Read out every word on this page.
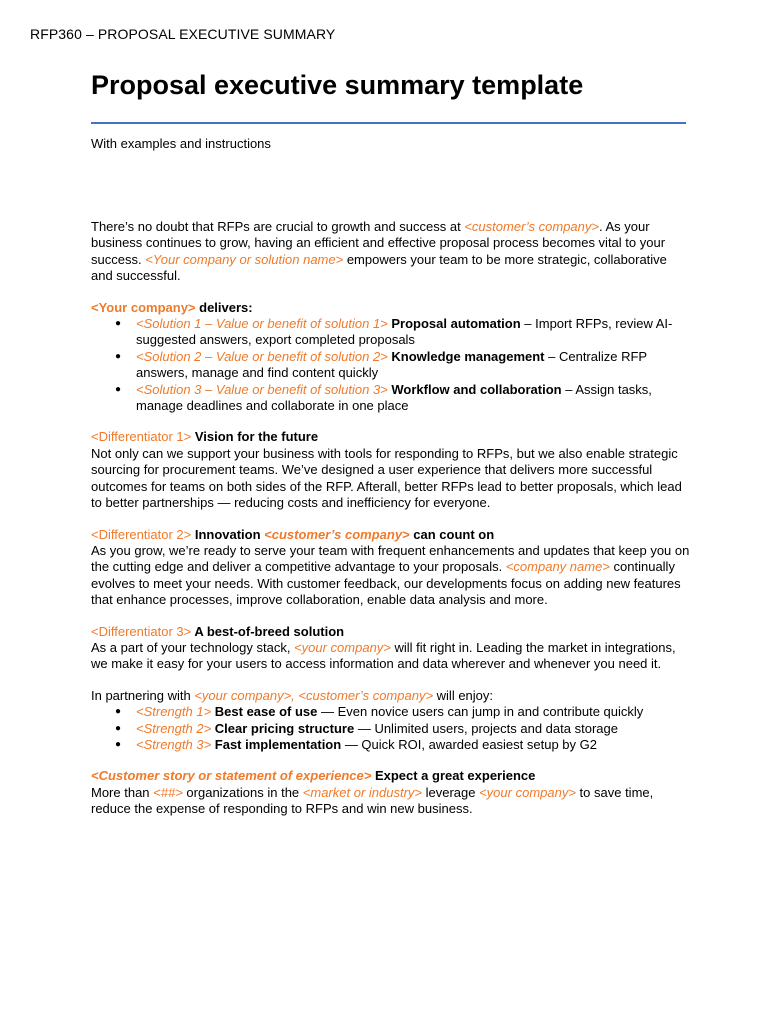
RFP360 – PROPOSAL EXECUTIVE SUMMARY
Proposal executive summary template
With examples and instructions

There’s no doubt that RFPs are crucial to growth and success at <customer’s company>. As your business continues to grow, having an efficient and effective proposal process becomes vital to your success. <Your company or solution name> empowers your team to be more strategic, collaborative and successful.

<Your company> delivers:
● <Solution 1 – Value or benefit of solution 1> Proposal automation – Import RFPs, review AI-suggested answers, export completed proposals
● <Solution 2 – Value or benefit of solution 2> Knowledge management – Centralize RFP answers, manage and find content quickly
● <Solution 3 – Value or benefit of solution 3> Workflow and collaboration – Assign tasks, manage deadlines and collaborate in one place

<Differentiator 1> Vision for the future
Not only can we support your business with tools for responding to RFPs, but we also enable strategic sourcing for procurement teams. We’ve designed a user experience that delivers more successful outcomes for teams on both sides of the RFP. Afterall, better RFPs lead to better proposals, which lead to better partnerships — reducing costs and inefficiency for everyone.

<Differentiator 2> Innovation <customer’s company> can count on
As you grow, we’re ready to serve your team with frequent enhancements and updates that keep you on the cutting edge and deliver a competitive advantage to your proposals. <company name> continually evolves to meet your needs. With customer feedback, our developments focus on adding new features that enhance processes, improve collaboration, enable data analysis and more.

<Differentiator 3> A best-of-breed solution
As a part of your technology stack, <your company> will fit right in. Leading the market in integrations, we make it easy for your users to access information and data wherever and whenever you need it.

In partnering with <your company>, <customer’s company> will enjoy:
● <Strength 1> Best ease of use — Even novice users can jump in and contribute quickly
● <Strength 2> Clear pricing structure — Unlimited users, projects and data storage
● <Strength 3> Fast implementation — Quick ROI, awarded easiest setup by G2

<Customer story or statement of experience> Expect a great experience
More than <##> organizations in the <market or industry> leverage <your company> to save time, reduce the expense of responding to RFPs and win new business.
